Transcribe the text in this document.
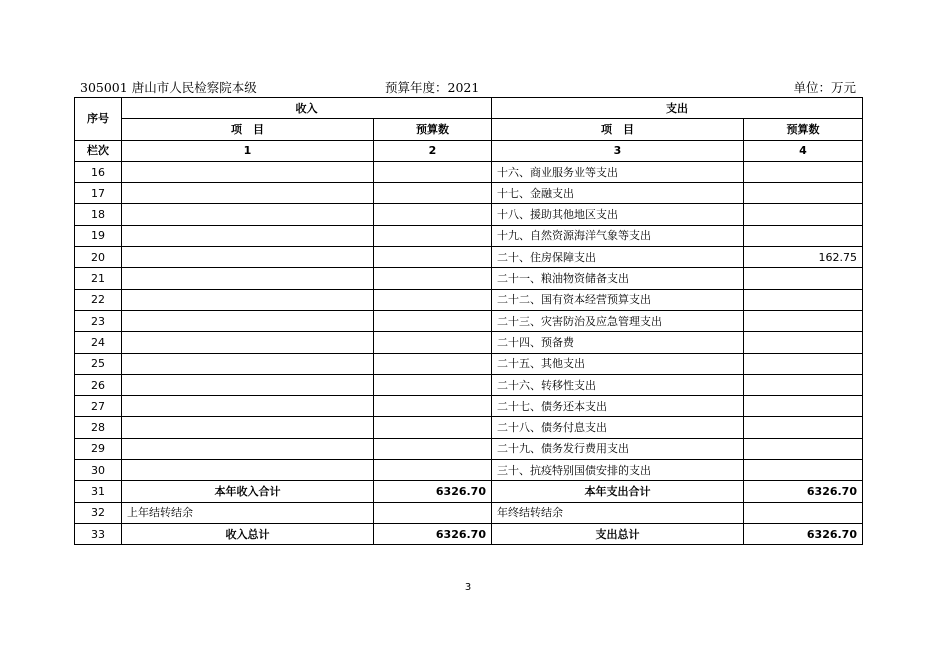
305001 唐山市人民检察院本级	预算年度：2021	单位：万元
序号	收入		支出	
	项　目	预算数	项　目	预算数
栏次	1	2	3	4
16			十六、商业服务业等支出	
17			十七、金融支出	
18			十八、援助其他地区支出	
19			十九、自然资源海洋气象等支出	
20			二十、住房保障支出	162.75
21			二十一、粮油物资储备支出	
22			二十二、国有资本经营预算支出	
23			二十三、灾害防治及应急管理支出	
24			二十四、预备费	
25			二十五、其他支出	
26			二十六、转移性支出	
27			二十七、债务还本支出	
28			二十八、债务付息支出	
29			二十九、债务发行费用支出	
30			三十、抗疫特别国债安排的支出	
31	本年收入合计	6326.70	本年支出合计	6326.70
32	上年结转结余		年终结转结余	
33	收入总计	6326.70	支出总计	6326.70
3
